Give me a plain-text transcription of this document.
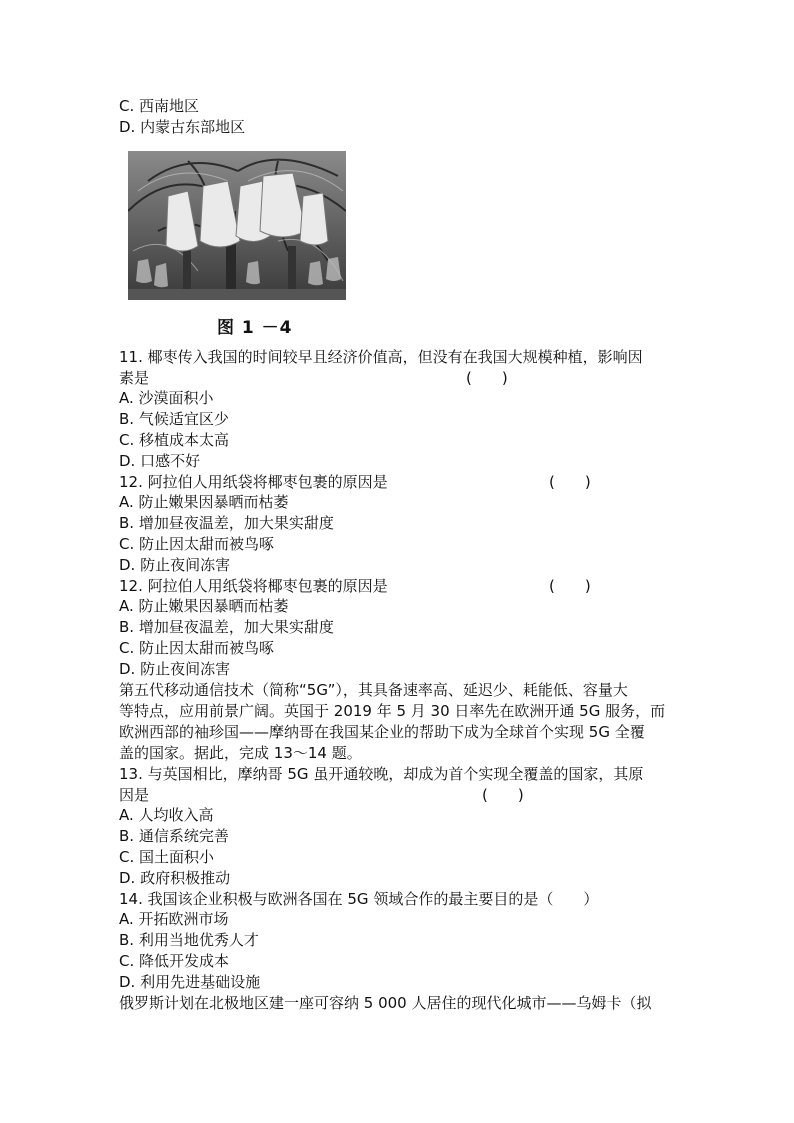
C. 西南地区
D. 内蒙古东部地区
图 1 －4
11. 椰枣传入我国的时间较早且经济价值高，但没有在我国大规模种植，影响因
素是	(　　)
A. 沙漠面积小
B. 气候适宜区少
C. 移植成本太高
D. 口感不好
12. 阿拉伯人用纸袋将椰枣包裹的原因是	(　　)
A. 防止嫩果因暴晒而枯萎
B. 增加昼夜温差，加大果实甜度
C. 防止因太甜而被鸟啄
D. 防止夜间冻害
12. 阿拉伯人用纸袋将椰枣包裹的原因是	(　　)
A. 防止嫩果因暴晒而枯萎
B. 增加昼夜温差，加大果实甜度
C. 防止因太甜而被鸟啄
D. 防止夜间冻害
第五代移动通信技术（简称“5G”），其具备速率高、延迟少、耗能低、容量大
等特点，应用前景广阔。英国于 2019 年 5 月 30 日率先在欧洲开通 5G 服务，而
欧洲西部的袖珍国——摩纳哥在我国某企业的帮助下成为全球首个实现 5G 全覆
盖的国家。据此，完成 13～14 题。
13. 与英国相比，摩纳哥 5G 虽开通较晚，却成为首个实现全覆盖的国家，其原
因是	(　　)
A. 人均收入高
B. 通信系统完善
C. 国土面积小
D. 政府积极推动
14. 我国该企业积极与欧洲各国在 5G 领域合作的最主要目的是（　　）
A. 开拓欧洲市场
B. 利用当地优秀人才
C. 降低开发成本
D. 利用先进基础设施
俄罗斯计划在北极地区建一座可容纳 5 000 人居住的现代化城市——乌姆卡（拟
